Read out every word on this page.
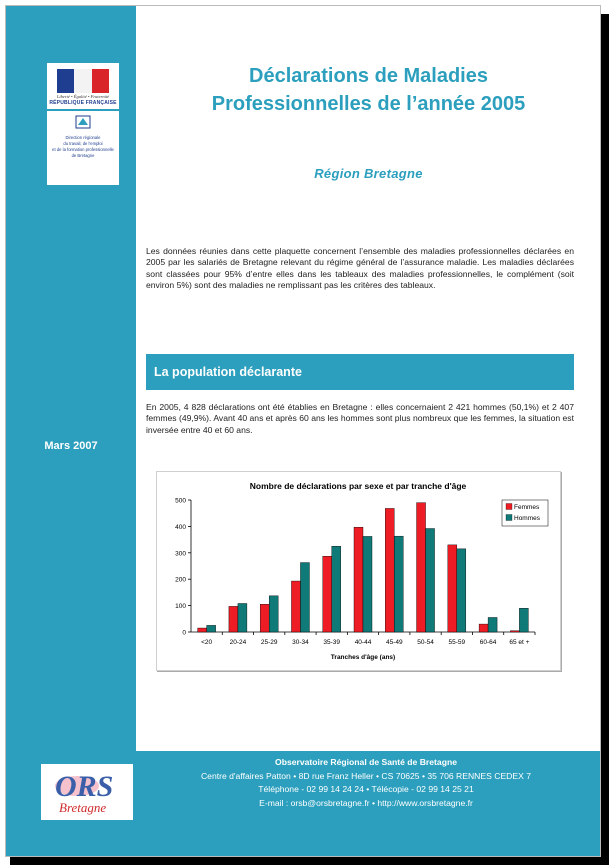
Liberté • Égalité • Fraternité
RÉPUBLIQUE FRANÇAISE
Direction régionale
du travail, de l'emploi
et de la formation professionnelle
de Bretagne
Mars 2007
Déclarations de Maladies
Professionnelles de l’année 2005
Région Bretagne
Les données réunies dans cette plaquette concernent l’ensemble des maladies professionnelles déclarées en 2005 par les salariés de Bretagne relevant du régime général de l’assurance maladie. Les maladies déclarées sont classées pour 95% d’entre elles dans les tableaux des maladies professionnelles, le complément (soit environ 5%) sont des maladies ne remplissant pas les critères des tableaux.
La population déclarante
En 2005, 4 828 déclarations ont été établies en Bretagne : elles concernaient 2 421 hommes (50,1%) et 2 407 femmes (49,9%). Avant 40 ans et après 60 ans les hommes sont plus nombreux que les femmes, la situation est inversée entre 40 et 60 ans.
Nombre de déclarations par sexe et par tranche d'âge
0
100
200
300
400
500
<20	20-24 25-29 30-34 35-39 40-44 45-49 50-54 55-59 60-64 65 et +
Tranches d'âge (ans)
Femmes
Hommes
Observatoire Régional de Santé de Bretagne
Centre d'affaires Patton • 8D rue Franz Heller • CS 70625 • 35 706 RENNES CEDEX 7
Téléphone - 02 99 14 24 24 • Télécopie - 02 99 14 25 21
E-mail : orsb@orsbretagne.fr • http://www.orsbretagne.fr
ORS
Bretagne
